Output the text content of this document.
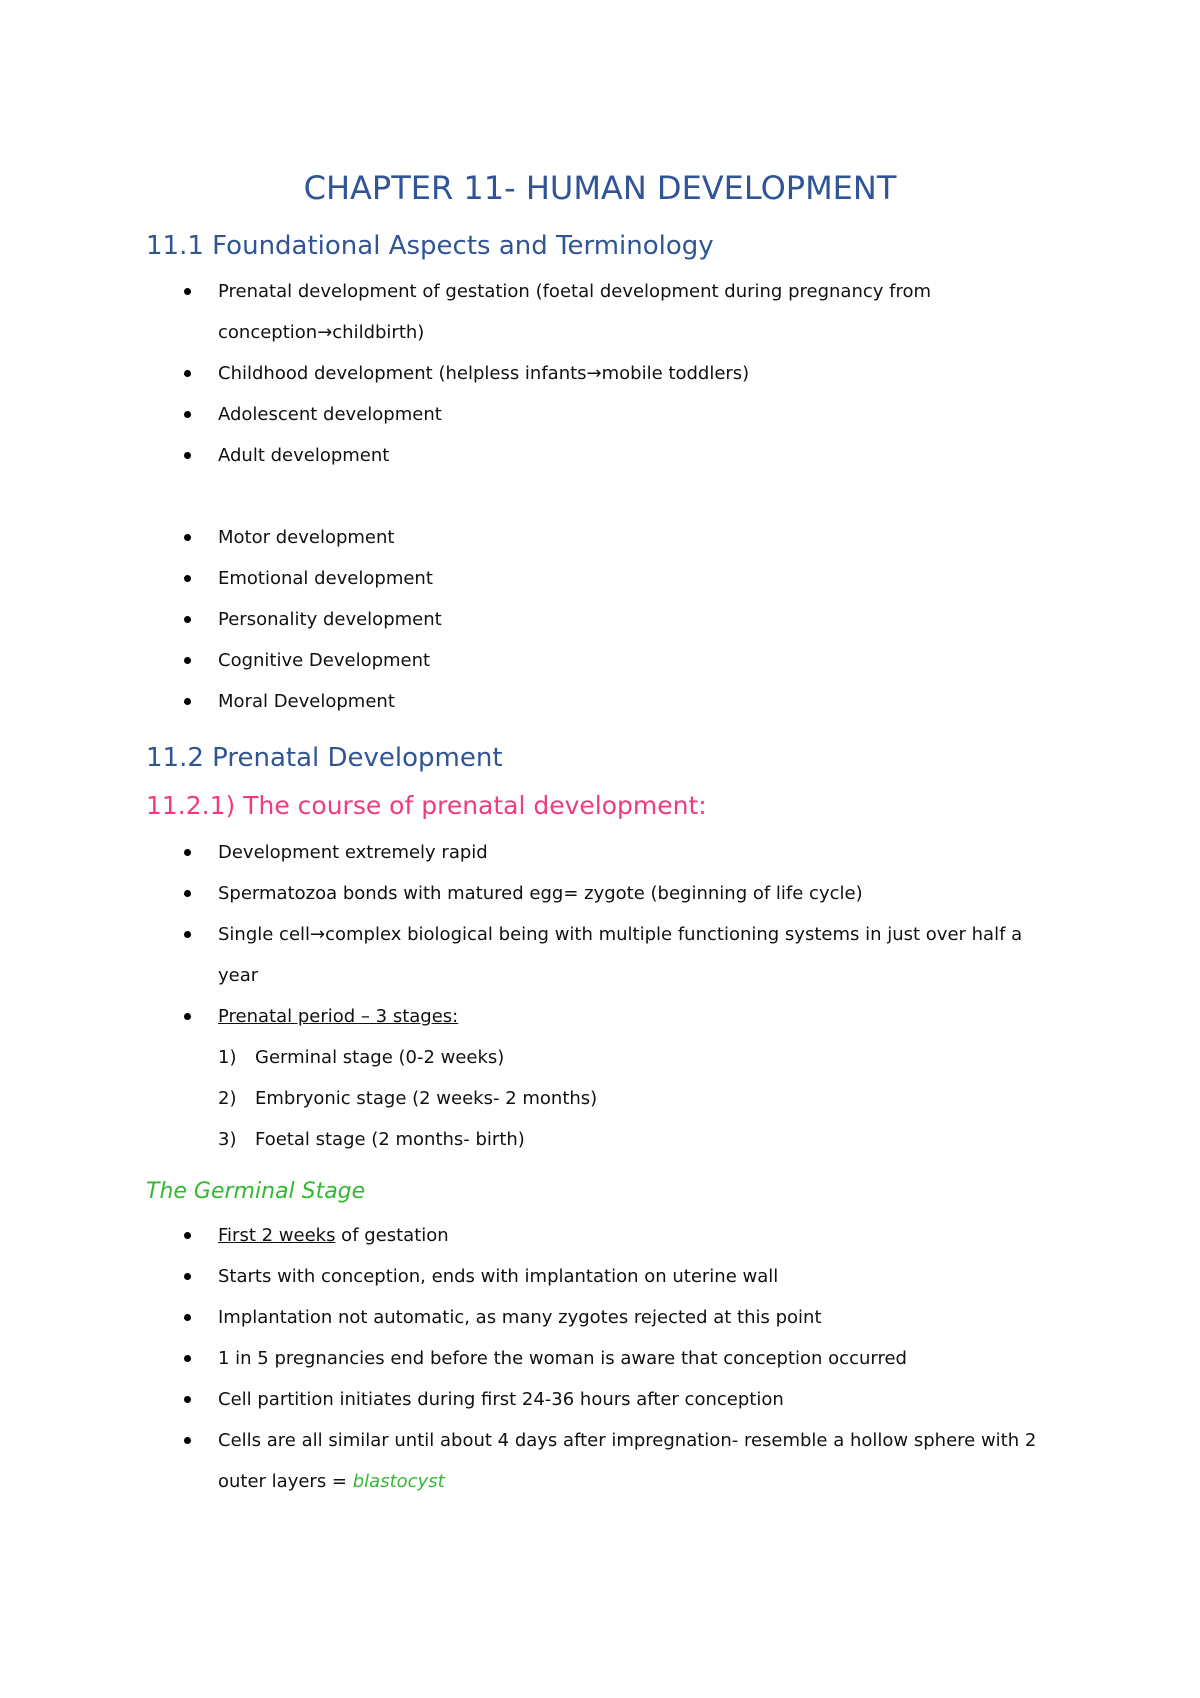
CHAPTER 11- HUMAN DEVELOPMENT
11.1 Foundational Aspects and Terminology
Prenatal development of gestation (foetal development during pregnancy from conception→childbirth)
Childhood development (helpless infants→mobile toddlers)
Adolescent development
Adult development
Motor development
Emotional development
Personality development
Cognitive Development
Moral Development
11.2 Prenatal Development
11.2.1) The course of prenatal development:
Development extremely rapid
Spermatozoa bonds with matured egg= zygote (beginning of life cycle)
Single cell→complex biological being with multiple functioning systems in just over half a year
Prenatal period – 3 stages:
1) Germinal stage (0-2 weeks)
2) Embryonic stage (2 weeks- 2 months)
3) Foetal stage (2 months- birth)
The Germinal Stage
First 2 weeks of gestation
Starts with conception, ends with implantation on uterine wall
Implantation not automatic, as many zygotes rejected at this point
1 in 5 pregnancies end before the woman is aware that conception occurred
Cell partition initiates during first 24-36 hours after conception
Cells are all similar until about 4 days after impregnation- resemble a hollow sphere with 2 outer layers = blastocyst
